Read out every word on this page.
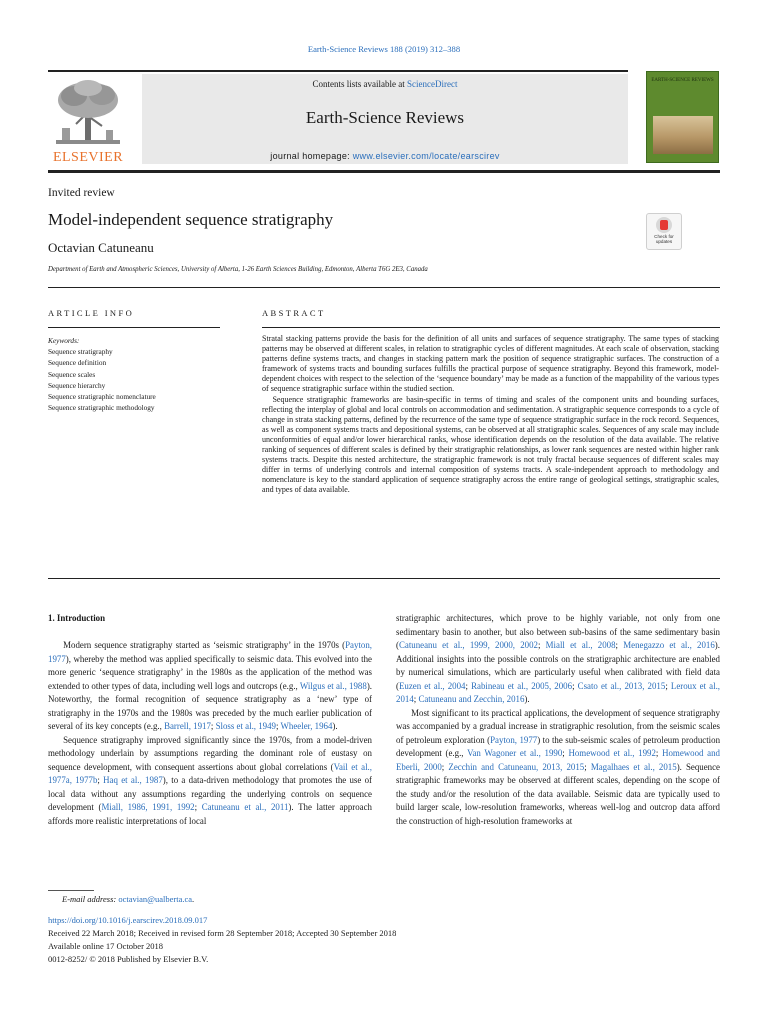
Earth-Science Reviews 188 (2019) 312–388
ELSEVIER
Contents lists available at ScienceDirect
Earth-Science Reviews
journal homepage: www.elsevier.com/locate/earscirev
EARTH-SCIENCE REVIEWS
Invited review
Model-independent sequence stratigraphy
Octavian Catuneanu
Check for updates
Department of Earth and Atmospheric Sciences, University of Alberta, 1-26 Earth Sciences Building, Edmonton, Alberta T6G 2E3, Canada
ARTICLE INFO
Keywords:
Sequence stratigraphy
Sequence definition
Sequence scales
Sequence hierarchy
Sequence stratigraphic nomenclature
Sequence stratigraphic methodology
ABSTRACT

Stratal stacking patterns provide the basis for the definition of all units and surfaces of sequence stratigraphy. The same types of stacking patterns may be observed at different scales, in relation to stratigraphic cycles of different magnitudes. At each scale of observation, stacking patterns define systems tracts, and changes in stacking pattern mark the position of sequence stratigraphic surfaces. The construction of a framework of systems tracts and bounding surfaces fulfills the practical purpose of sequence stratigraphy. Beyond this framework, model-dependent choices with respect to the selection of the ‘sequence boundary’ may be made as a function of the mappability of the various types of sequence stratigraphic surface within the studied section.

Sequence stratigraphic frameworks are basin-specific in terms of timing and scales of the component units and bounding surfaces, reflecting the interplay of global and local controls on accommodation and sedimentation. A stratigraphic sequence corresponds to a cycle of change in strata stacking patterns, defined by the recurrence of the same type of sequence stratigraphic surface in the rock record. Sequences, as well as component systems tracts and depositional systems, can be observed at all stratigraphic scales. Sequences of any scale may include unconformities of equal and/or lower hierarchical ranks, whose identification depends on the resolution of the data available. The relative ranking of sequences of different scales is defined by their stratigraphic relationships, as lower rank sequences are nested within higher rank systems tracts. Despite this nested architecture, the stratigraphic framework is not truly fractal because sequences of different scales may differ in terms of underlying controls and internal composition of systems tracts. A scale-independent approach to methodology and nomenclature is key to the standard application of sequence stratigraphy across the entire range of geological settings, stratigraphic scales, and types of data available.

1. Introduction

Modern sequence stratigraphy started as ‘seismic stratigraphy’ in the 1970s (Payton, 1977), whereby the method was applied specifically to seismic data. This evolved into the more generic ‘sequence stratigraphy’ in the 1980s as the application of the method was extended to other types of data, including well logs and outcrops (e.g., Wilgus et al., 1988). Noteworthy, the formal recognition of sequence stratigraphy as a ‘new’ type of stratigraphy in the 1970s and the 1980s was preceded by the much earlier publication of several of its key concepts (e.g., Barrell, 1917; Sloss et al., 1949; Wheeler, 1964).

Sequence stratigraphy improved significantly since the 1970s, from a model-driven methodology underlain by assumptions regarding the dominant role of eustasy on sequence development, with consequent assertions about global correlations (Vail et al., 1977a, 1977b; Haq et al., 1987), to a data-driven methodology that promotes the use of local data without any assumptions regarding the underlying controls on sequence development (Miall, 1986, 1991, 1992; Catuneanu et al., 2011). The latter approach affords more realistic interpretations of local

stratigraphic architectures, which prove to be highly variable, not only from one sedimentary basin to another, but also between sub-basins of the same sedimentary basin (Catuneanu et al., 1999, 2000, 2002; Miall et al., 2008; Menegazzo et al., 2016). Additional insights into the possible controls on the stratigraphic architecture are enabled by numerical simulations, which are particularly useful when calibrated with field data (Euzen et al., 2004; Rabineau et al., 2005, 2006; Csato et al., 2013, 2015; Leroux et al., 2014; Catuneanu and Zecchin, 2016).

Most significant to its practical applications, the development of sequence stratigraphy was accompanied by a gradual increase in stratigraphic resolution, from the seismic scales of petroleum exploration (Payton, 1977) to the sub-seismic scales of petroleum production development (e.g., Van Wagoner et al., 1990; Homewood et al., 1992; Homewood and Eberli, 2000; Zecchin and Catuneanu, 2013, 2015; Magalhaes et al., 2015). Sequence stratigraphic frameworks may be observed at different scales, depending on the scope of the study and/or the resolution of the data available. Seismic data are typically used to build larger scale, low-resolution frameworks, whereas well-log and outcrop data afford the construction of high-resolution frameworks at

E-mail address: octavian@ualberta.ca.
https://doi.org/10.1016/j.earscirev.2018.09.017
Received 22 March 2018; Received in revised form 28 September 2018; Accepted 30 September 2018
Available online 17 October 2018
0012-8252/ © 2018 Published by Elsevier B.V.
